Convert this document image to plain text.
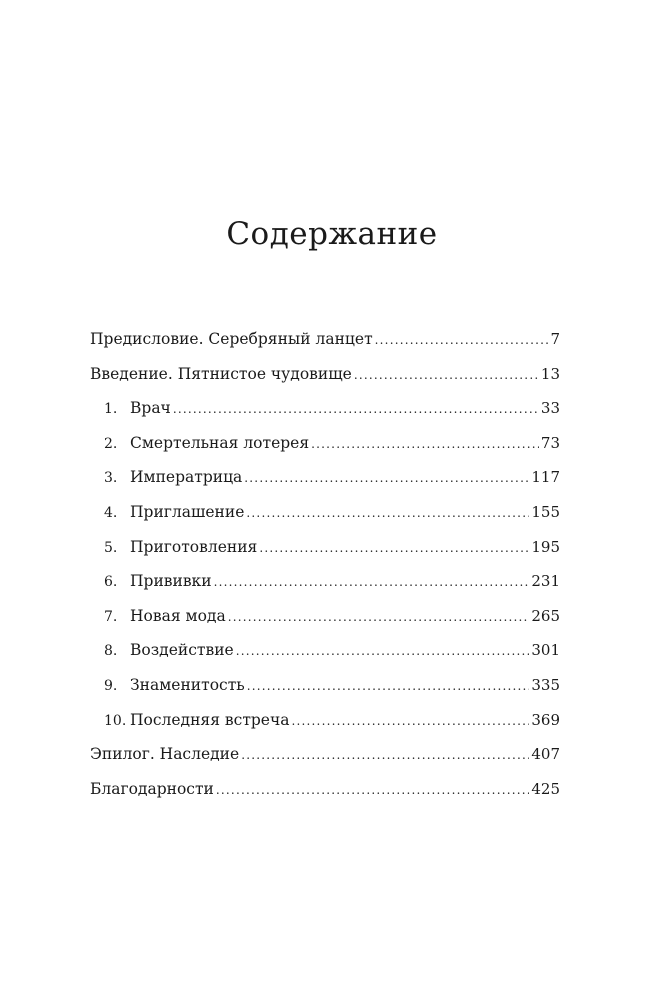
Содержание
Предисловие. Серебряный ланцет .....	7
Введение. Пятнистое чудовище .....	13
1. Врач .....	33
2. Смертельная лотерея .....	73
3. Императрица .....	117
4. Приглашение .....	155
5. Приготовления .....	195
6. Прививки .....	231
7. Новая мода .....	265
8. Воздействие .....	301
9. Знаменитость .....	335
10. Последняя встреча .....	369
Эпилог. Наследие .....	407
Благодарности .....	425
